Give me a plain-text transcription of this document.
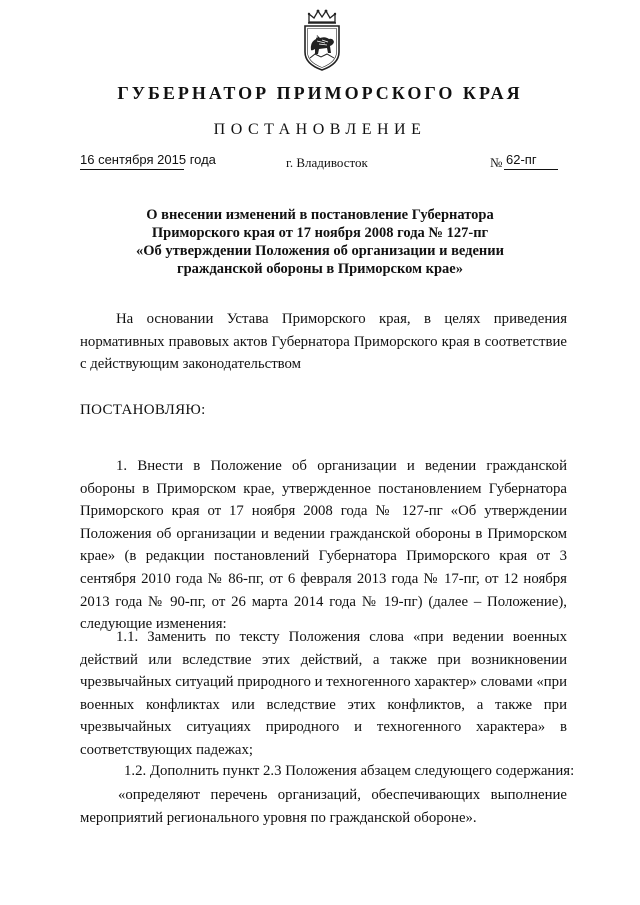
ГУБЕРНАТОР ПРИМОРСКОГО КРАЯ
ПОСТАНОВЛЕНИЕ
16 сентября 2015 года	г. Владивосток	№ 62-пг
О внесении изменений в постановление Губернатора
Приморского края от 17 ноября 2008 года № 127-пг
«Об утверждении Положения об организации и ведении
гражданской обороны в Приморском крае»

На основании Устава Приморского края, в целях приведения нормативных правовых актов Губернатора Приморского края в соответствие с действующим законодательством

ПОСТАНОВЛЯЮ:

1. Внести в Положение об организации и ведении гражданской обороны в Приморском крае, утвержденное постановлением Губернатора Приморского края от 17 ноября 2008 года № 127-пг «Об утверждении Положения об организации и ведении гражданской обороны в Приморском крае» (в редакции постановлений Губернатора Приморского края от 3 сентября 2010 года № 86-пг, от 6 февраля 2013 года № 17-пг, от 12 ноября 2013 года № 90-пг, от 26 марта 2014 года № 19-пг) (далее – Положение), следующие изменения:

1.1. Заменить по тексту Положения слова «при ведении военных действий или вследствие этих действий, а также при возникновении чрезвычайных ситуаций природного и техногенного характер» словами «при военных конфликтах или вследствие этих конфликтов, а также при чрезвычайных ситуациях природного и техногенного характера» в соответствующих падежах;

1.2. Дополнить пункт 2.3 Положения абзацем следующего содержания:

«определяют перечень организаций, обеспечивающих выполнение мероприятий регионального уровня по гражданской обороне».
